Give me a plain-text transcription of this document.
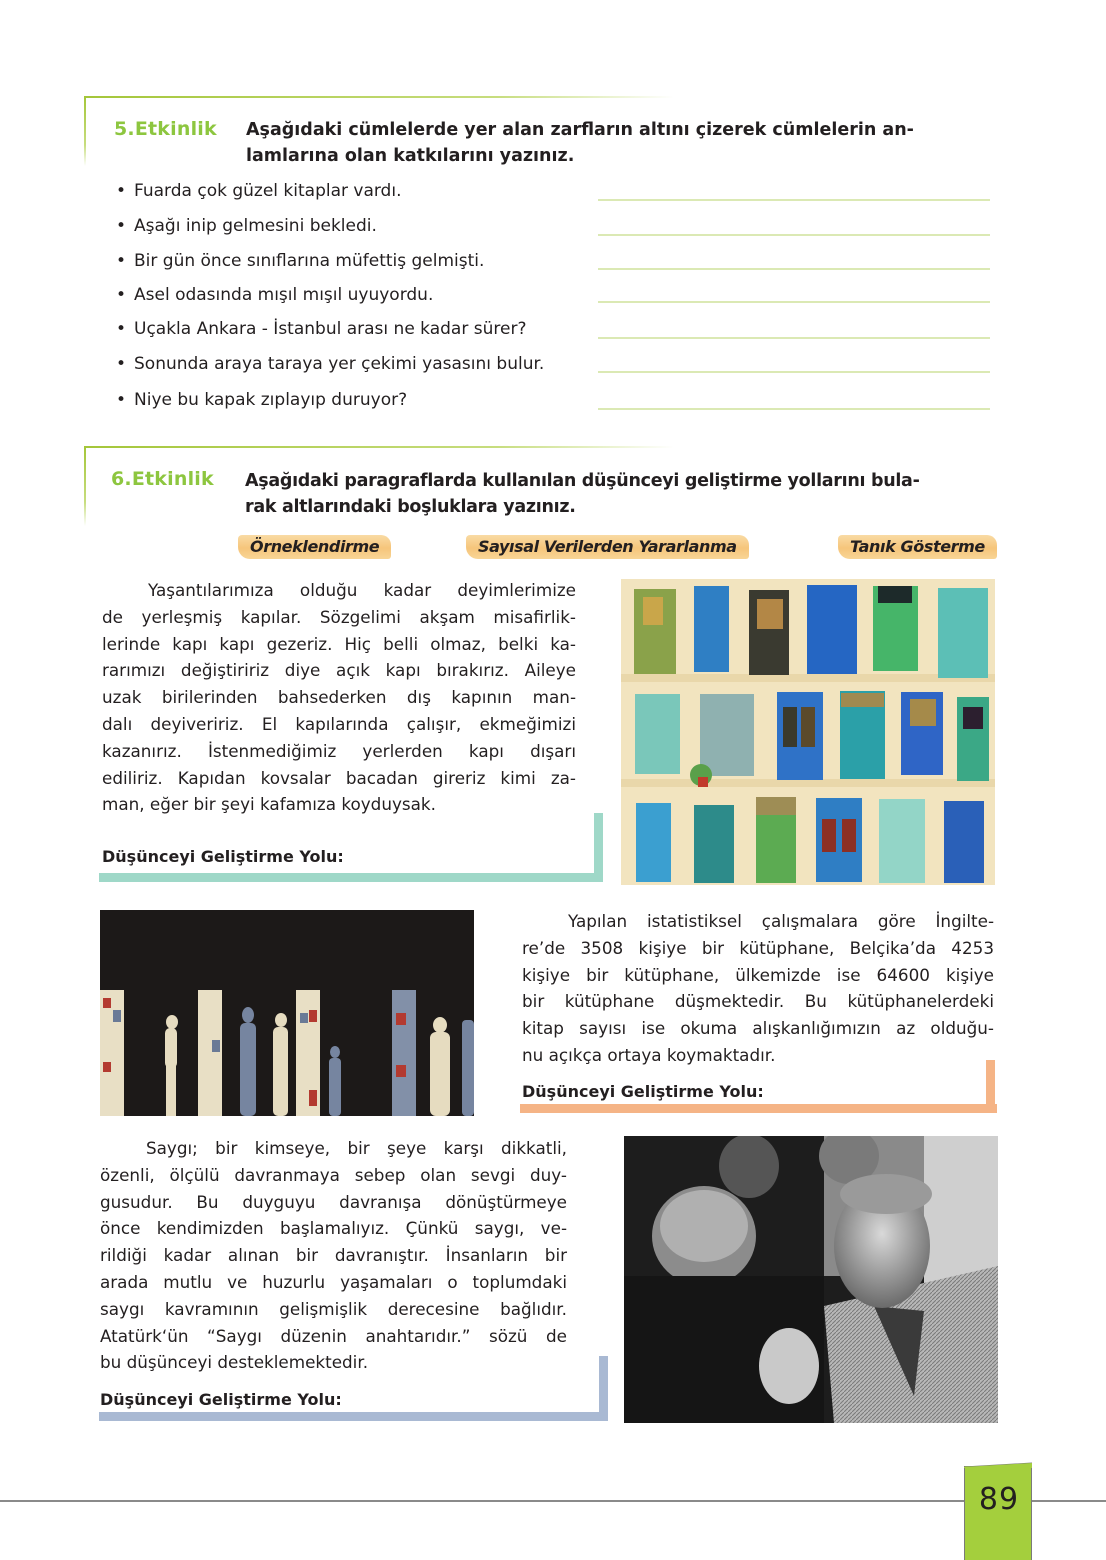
5.Etkinlik Aşağıdaki cümlelerde yer alan zarfların altını çizerek cümlelerin an-
lamlarına olan katkılarını yazınız.
• Fuarda çok güzel kitaplar vardı.
• Aşağı inip gelmesini bekledi.
• Bir gün önce sınıflarına müfettiş gelmişti.
• Asel odasında mışıl mışıl uyuyordu.
• Uçakla Ankara - İstanbul arası ne kadar sürer?
• Sonunda araya taraya yer çekimi yasasını bulur.
• Niye bu kapak zıplayıp duruyor?
6.Etkinlik Aşağıdaki paragraflarda kullanılan düşünceyi geliştirme yollarını bula-
rak altlarındaki boşluklara yazınız.
Örneklendirme	Sayısal Verilerden Yararlanma	Tanık Gösterme
Yaşantılarımıza olduğu kadar deyimlerimize
de yerleşmiş kapılar. Sözgelimi akşam misafirlik-
lerinde kapı kapı gezeriz. Hiç belli olmaz, belki ka-
rarımızı değiştiririz diye açık kapı bırakırız. Aileye
uzak birilerinden bahsederken dış kapının man-
dalı deyiveririz. El kapılarında çalışır, ekmeğimizi
kazanırız. İstenmediğimiz yerlerden kapı dışarı
ediliriz. Kapıdan kovsalar bacadan gireriz kimi za-
man, eğer bir şeyi kafamıza koyduysak.
Düşünceyi Geliştirme Yolu:
Yapılan istatistiksel çalışmalara göre İngilte-
re’de 3508 kişiye bir kütüphane, Belçika’da 4253
kişiye bir kütüphane, ülkemizde ise 64600 kişiye
bir kütüphane düşmektedir. Bu kütüphanelerdeki
kitap sayısı ise okuma alışkanlığımızın az olduğu-
nu açıkça ortaya koymaktadır.
Düşünceyi Geliştirme Yolu:
Saygı; bir kimseye, bir şeye karşı dikkatli,
özenli, ölçülü davranmaya sebep olan sevgi duy-
gusudur. Bu duyguyu davranışa dönüştürmeye
önce kendimizden başlamalıyız. Çünkü saygı, ve-
rildiği kadar alınan bir davranıştır. İnsanların bir
arada mutlu ve huzurlu yaşamaları o toplumdaki
saygı kavramının gelişmişlik derecesine bağlıdır.
Atatürk‘ün “Saygı düzenin anahtarıdır.” sözü de
bu düşünceyi desteklemektedir.
Düşünceyi Geliştirme Yolu:
89
